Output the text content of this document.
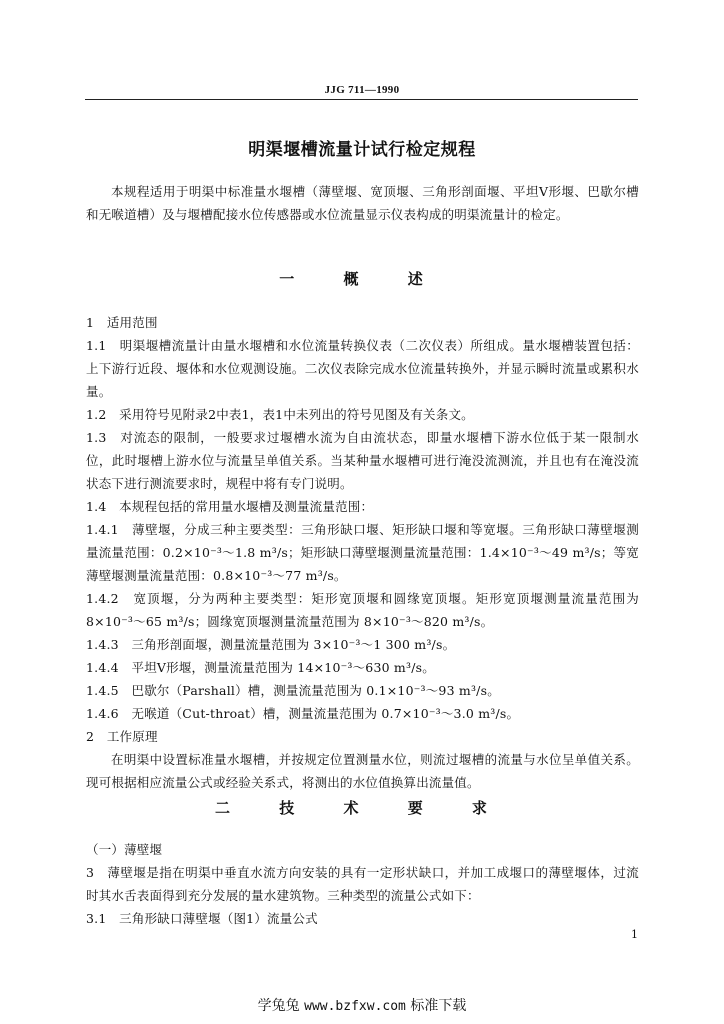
JJG 711—1990
明渠堰槽流量计试行检定规程

本规程适用于明渠中标准量水堰槽（薄壁堰、宽顶堰、三角形剖面堰、平坦V形堰、巴歇尔槽和无喉道槽）及与堰槽配接水位传感器或水位流量显示仪表构成的明渠流量计的检定。

一 概 述

1　适用范围

1.1　明渠堰槽流量计由量水堰槽和水位流量转换仪表（二次仪表）所组成。量水堰槽装置包括：上下游行近段、堰体和水位观测设施。二次仪表除完成水位流量转换外，并显示瞬时流量或累积水量。

1.2　采用符号见附录2中表1，表1中未列出的符号见图及有关条文。

1.3　对流态的限制，一般要求过堰槽水流为自由流状态，即量水堰槽下游水位低于某一限制水位，此时堰槽上游水位与流量呈单值关系。当某种量水堰槽可进行淹没流测流，并且也有在淹没流状态下进行测流要求时，规程中将有专门说明。

1.4　本规程包括的常用量水堰槽及测量流量范围：

1.4.1　薄壁堰，分成三种主要类型：三角形缺口堰、矩形缺口堰和等宽堰。三角形缺口薄壁堰测量流量范围：0.2×10⁻³～1.8 m³/s；矩形缺口薄壁堰测量流量范围：1.4×10⁻³～49 m³/s；等宽薄壁堰测量流量范围：0.8×10⁻³～77 m³/s。

1.4.2　宽顶堰，分为两种主要类型：矩形宽顶堰和圆缘宽顶堰。矩形宽顶堰测量流量范围为 8×10⁻³～65 m³/s；圆缘宽顶堰测量流量范围为 8×10⁻³～820 m³/s。

1.4.3　三角形剖面堰，测量流量范围为 3×10⁻³～1 300 m³/s。

1.4.4　平坦V形堰，测量流量范围为 14×10⁻³～630 m³/s。

1.4.5　巴歇尔（Parshall）槽，测量流量范围为 0.1×10⁻³～93 m³/s。

1.4.6　无喉道（Cut-throat）槽，测量流量范围为 0.7×10⁻³～3.0 m³/s。

2　工作原理

在明渠中设置标准量水堰槽，并按规定位置测量水位，则流过堰槽的流量与水位呈单值关系。现可根据相应流量公式或经验关系式，将测出的水位值换算出流量值。

二 技 术 要 求

（一）薄壁堰

3　薄壁堰是指在明渠中垂直水流方向安装的具有一定形状缺口，并加工成堰口的薄壁堰体，过流时其水舌表面得到充分发展的量水建筑物。三种类型的流量公式如下：

3.1　三角形缺口薄壁堰（图1）流量公式

1
学兔兔 www.bzfxw.com 标准下载
